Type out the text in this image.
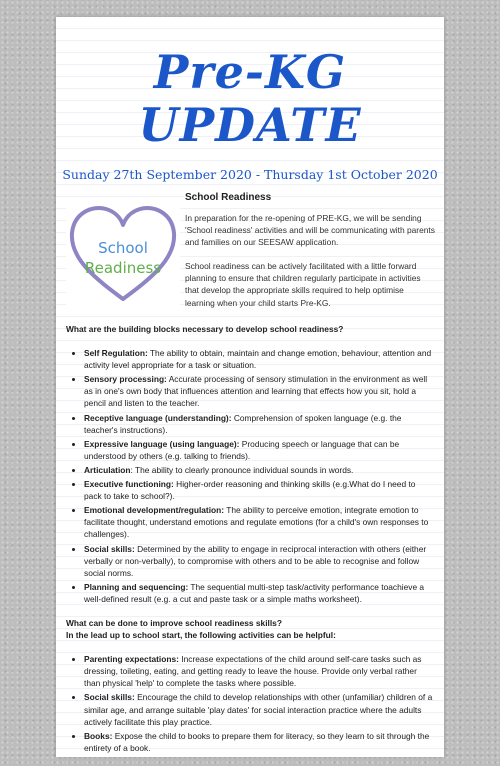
Pre-KG
UPDATE
Sunday 27th September 2020 - Thursday 1st October 2020
School
Readiness
School Readiness

In preparation for the re-opening of PRE-KG, we will be sending 'School readiness' activities and will be communicating with parents and families on our SEESAW application.

School readiness can be actively facilitated with a little forward planning to ensure that children regularly participate in activities that develop the appropriate skills required to help optimise learning when your child starts Pre-KG.

What are the building blocks necessary to develop school readiness?

• Self Regulation: The ability to obtain, maintain and change emotion, behaviour, attention and activity level appropriate for a task or situation.
• Sensory processing: Accurate processing of sensory stimulation in the environment as well as in one's own body that influences attention and learning that effects how you sit, hold a pencil and listen to the teacher.
• Receptive language (understanding): Comprehension of spoken language (e.g. the teacher's instructions).
• Expressive language (using language): Producing speech or language that can be understood by others (e.g. talking to friends).
• Articulation: The ability to clearly pronounce individual sounds in words.
• Executive functioning: Higher-order reasoning and thinking skills (e.g.What do I need to pack to take to school?).
• Emotional development/regulation: The ability to perceive emotion, integrate emotion to facilitate thought, understand emotions and regulate emotions (for a child's own responses to challenges).
• Social skills: Determined by the ability to engage in reciprocal interaction with others (either verbally or non-verbally), to compromise with others and to be able to recognise and follow social norms.
• Planning and sequencing: The sequential multi-step task/activity performance toachieve a well-defined result (e.g. a cut and paste task or a simple maths worksheet).

What can be done to improve school readiness skills?
In the lead up to school start, the following activities can be helpful:

• Parenting expectations: Increase expectations of the child around self-care tasks such as dressing, toileting, eating, and getting ready to leave the house. Provide only verbal rather than physical 'help' to complete the tasks where possible.
• Social skills: Encourage the child to develop relationships with other (unfamiliar) children of a similar age, and arrange suitable 'play dates' for social interaction practice where the adults actively facilitate this play practice.
• Books: Expose the child to books to prepare them for literacy, so they learn to sit through the entirety of a book.
